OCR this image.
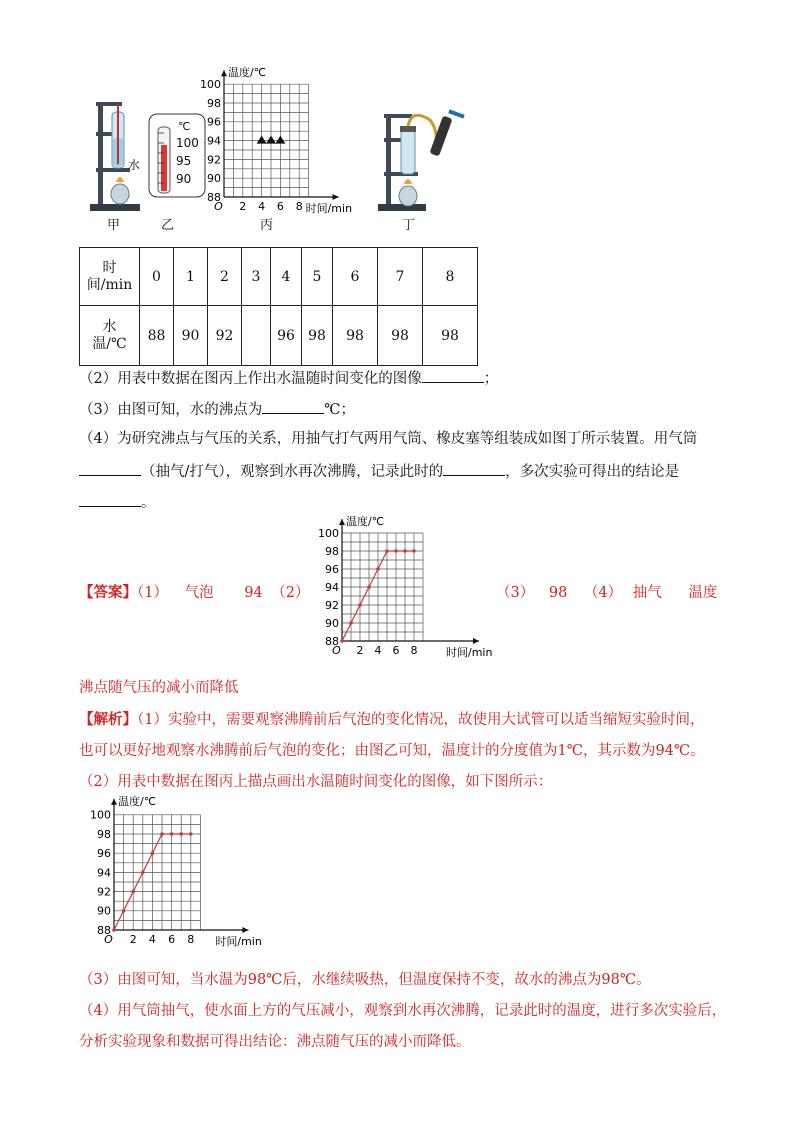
℃
100
95
90
水
甲	乙
温度/℃
时间/min
O
100
98
96
94
92
90
88
2 4 6 8
丙	丁
时
间/min	0	1	2	3	4	5	6	7	8
水
温/℃	88	90	92		96	98	98	98	98
（2）用表中数据在图丙上作出水温随时间变化的图像	；
（3）由图可知，水的沸点为	℃；
（4）为研究沸点与气压的关系，用抽气打气两用气筒、橡皮塞等组装成如图丁所示装置。用气筒
（抽气/打气），观察到水再次沸腾，记录此时的	，多次实验可得出的结论是
。
【答案】（1） 气泡 94 （2）
温度/℃
时间/min
O
100
98
96
94
92
90
88
2 4 6 8
（3） 98 （4） 抽气 温度
沸点随气压的减小而降低
【解析】（1）实验中，需要观察沸腾前后气泡的变化情况，故使用大试管可以适当缩短实验时间，
也可以更好地观察水沸腾前后气泡的变化；由图乙可知，温度计的分度值为1℃，其示数为94℃。
（2）用表中数据在图丙上描点画出水温随时间变化的图像，如下图所示：
温度/℃
时间/min
O
100
98
96
94
92
90
88
2 4 6 8
（3）由图可知，当水温为98℃后，水继续吸热，但温度保持不变，故水的沸点为98℃。
（4）用气筒抽气，使水面上方的气压减小，观察到水再次沸腾，记录此时的温度，进行多次实验后，
分析实验现象和数据可得出结论：沸点随气压的减小而降低。
